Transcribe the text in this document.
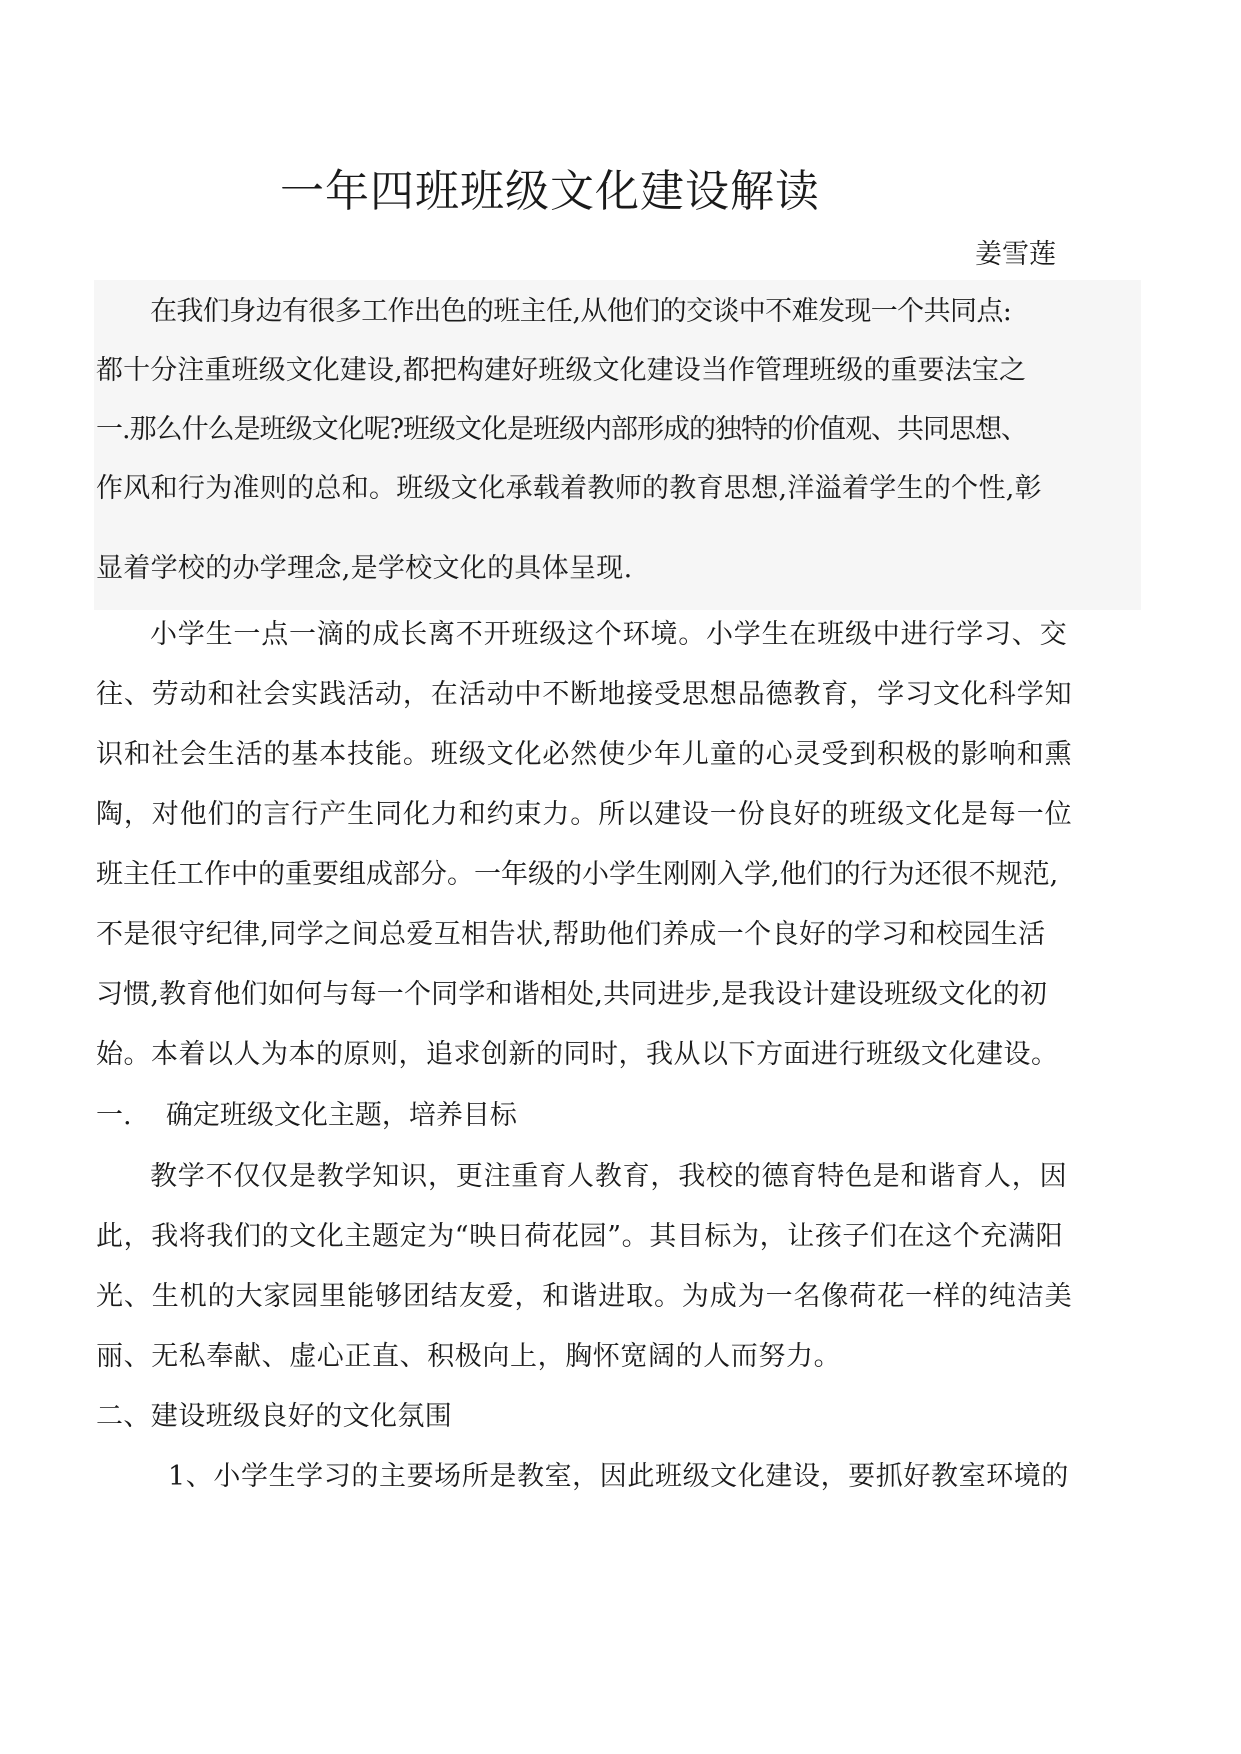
一年四班班级文化建设解读
姜雪莲
在我们身边有很多工作出色的班主任,从他们的交谈中不难发现一个共同点:
都十分注重班级文化建设,都把构建好班级文化建设当作管理班级的重要法宝之
一.那么什么是班级文化呢?班级文化是班级内部形成的独特的价值观、共同思想、
作风和行为准则的总和。班级文化承载着教师的教育思想,洋溢着学生的个性,彰
显着学校的办学理念,是学校文化的具体呈现.
小学生一点一滴的成长离不开班级这个环境。小学生在班级中进行学习、交
往、劳动和社会实践活动，在活动中不断地接受思想品德教育，学习文化科学知
识和社会生活的基本技能。班级文化必然使少年儿童的心灵受到积极的影响和熏
陶，对他们的言行产生同化力和约束力。所以建设一份良好的班级文化是每一位
班主任工作中的重要组成部分。一年级的小学生刚刚入学,他们的行为还很不规范,
不是很守纪律,同学之间总爱互相告状,帮助他们养成一个良好的学习和校园生活
习惯,教育他们如何与每一个同学和谐相处,共同进步,是我设计建设班级文化的初
始。本着以人为本的原则，追求创新的同时，我从以下方面进行班级文化建设。
一.    确定班级文化主题，培养目标
教学不仅仅是教学知识，更注重育人教育，我校的德育特色是和谐育人，因
此，我将我们的文化主题定为“映日荷花园”。其目标为，让孩子们在这个充满阳
光、生机的大家园里能够团结友爱，和谐进取。为成为一名像荷花一样的纯洁美
丽、无私奉献、虚心正直、积极向上，胸怀宽阔的人而努力。
二、建设班级良好的文化氛围
1、小学生学习的主要场所是教室，因此班级文化建设，要抓好教室环境的
